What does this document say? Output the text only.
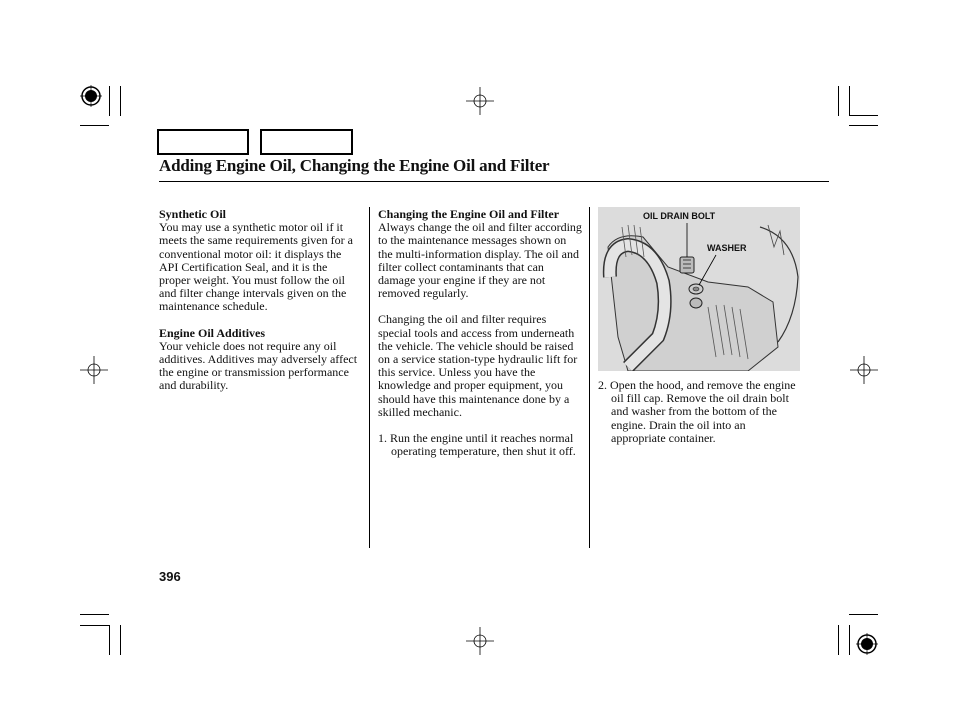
Adding Engine Oil, Changing the Engine Oil and Filter

Synthetic Oil

You may use a synthetic motor oil if it meets the same requirements given for a conventional motor oil: it displays the API Certification Seal, and it is the proper weight. You must follow the oil and filter change intervals given on the maintenance schedule.

Engine Oil Additives

Your vehicle does not require any oil additives. Additives may adversely affect the engine or transmission performance and durability.

Changing the Engine Oil and Filter

Always change the oil and filter according to the maintenance messages shown on the multi-information display. The oil and filter collect contaminants that can damage your engine if they are not removed regularly.

Changing the oil and filter requires special tools and access from underneath the vehicle. The vehicle should be raised on a service station-type hydraulic lift for this service. Unless you have the knowledge and proper equipment, you should have this maintenance done by a skilled mechanic.

1. Run the engine until it reaches normal operating temperature, then shut it off.

OIL DRAIN BOLT
WASHER

2. Open the hood, and remove the engine oil fill cap. Remove the oil drain bolt and washer from the bottom of the engine. Drain the oil into an appropriate container.

396
